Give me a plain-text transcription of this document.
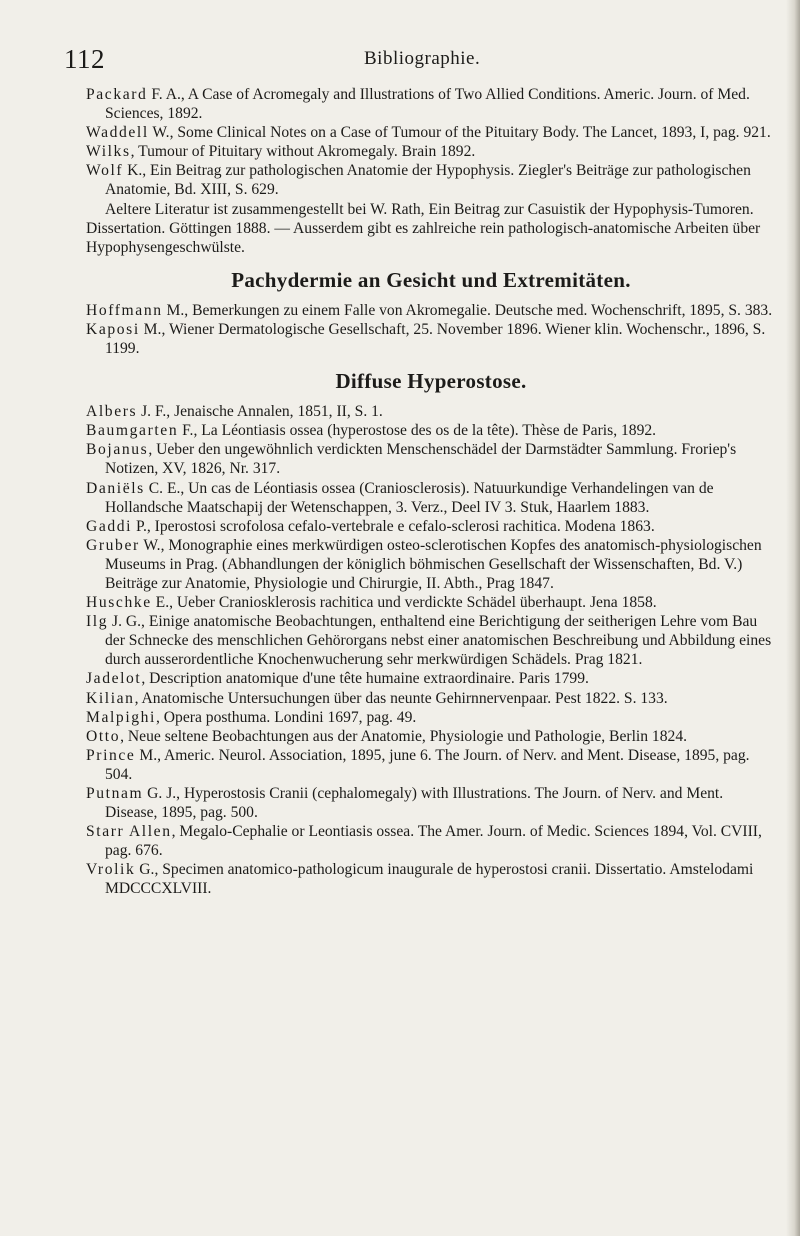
112	Bibliographie.

Packard F. A., A Case of Acromegaly and Illustrations of Two Allied Conditions. Americ. Journ. of Med. Sciences, 1892.

Waddell W., Some Clinical Notes on a Case of Tumour of the Pituitary Body. The Lancet, 1893, I, pag. 921.

Wilks, Tumour of Pituitary without Akromegaly. Brain 1892.

Wolf K., Ein Beitrag zur pathologischen Anatomie der Hypophysis. Ziegler's Beiträge zur pathologischen Anatomie, Bd. XIII, S. 629.

Aeltere Literatur ist zusammengestellt bei W. Rath, Ein Beitrag zur Casuistik der Hypophysis-Tumoren. Dissertation. Göttingen 1888. — Ausserdem gibt es zahlreiche rein pathologisch-anatomische Arbeiten über Hypophysengeschwülste.

Pachydermie an Gesicht und Extremitäten.

Hoffmann M., Bemerkungen zu einem Falle von Akromegalie. Deutsche med. Wochenschrift, 1895, S. 383.

Kaposi M., Wiener Dermatologische Gesellschaft, 25. November 1896. Wiener klin. Wochenschr., 1896, S. 1199.

Diffuse Hyperostose.

Albers J. F., Jenaische Annalen, 1851, II, S. 1.

Baumgarten F., La Léontiasis ossea (hyperostose des os de la tête). Thèse de Paris, 1892.

Bojanus, Ueber den ungewöhnlich verdickten Menschenschädel der Darmstädter Sammlung. Froriep's Notizen, XV, 1826, Nr. 317.

Daniëls C. E., Un cas de Léontiasis ossea (Craniosclerosis). Natuurkundige Verhandelingen van de Hollandsche Maatschapij der Wetenschappen, 3. Verz., Deel IV 3. Stuk, Haarlem 1883.

Gaddi P., Iperostosi scrofolosa cefalo-vertebrale e cefalo-sclerosi rachitica. Modena 1863.

Gruber W., Monographie eines merkwürdigen osteo-sclerotischen Kopfes des anatomisch-physiologischen Museums in Prag. (Abhandlungen der königlich böhmischen Gesellschaft der Wissenschaften, Bd. V.) Beiträge zur Anatomie, Physiologie und Chirurgie, II. Abth., Prag 1847.

Huschke E., Ueber Craniosklerosis rachitica und verdickte Schädel überhaupt. Jena 1858.

Ilg J. G., Einige anatomische Beobachtungen, enthaltend eine Berichtigung der seitherigen Lehre vom Bau der Schnecke des menschlichen Gehörorgans nebst einer anatomischen Beschreibung und Abbildung eines durch ausserordentliche Knochenwucherung sehr merkwürdigen Schädels. Prag 1821.

Jadelot, Description anatomique d'une tête humaine extraordinaire. Paris 1799.

Kilian, Anatomische Untersuchungen über das neunte Gehirnnervenpaar. Pest 1822. S. 133.

Malpighi, Opera posthuma. Londini 1697, pag. 49.

Otto, Neue seltene Beobachtungen aus der Anatomie, Physiologie und Pathologie, Berlin 1824.

Prince M., Americ. Neurol. Association, 1895, june 6. The Journ. of Nerv. and Ment. Disease, 1895, pag. 504.

Putnam G. J., Hyperostosis Cranii (cephalomegaly) with Illustrations. The Journ. of Nerv. and Ment. Disease, 1895, pag. 500.

Starr Allen, Megalo-Cephalie or Leontiasis ossea. The Amer. Journ. of Medic. Sciences 1894, Vol. CVIII, pag. 676.

Vrolik G., Specimen anatomico-pathologicum inaugurale de hyperostosi cranii. Dissertatio. Amstelodami MDCCCXLVIII.
